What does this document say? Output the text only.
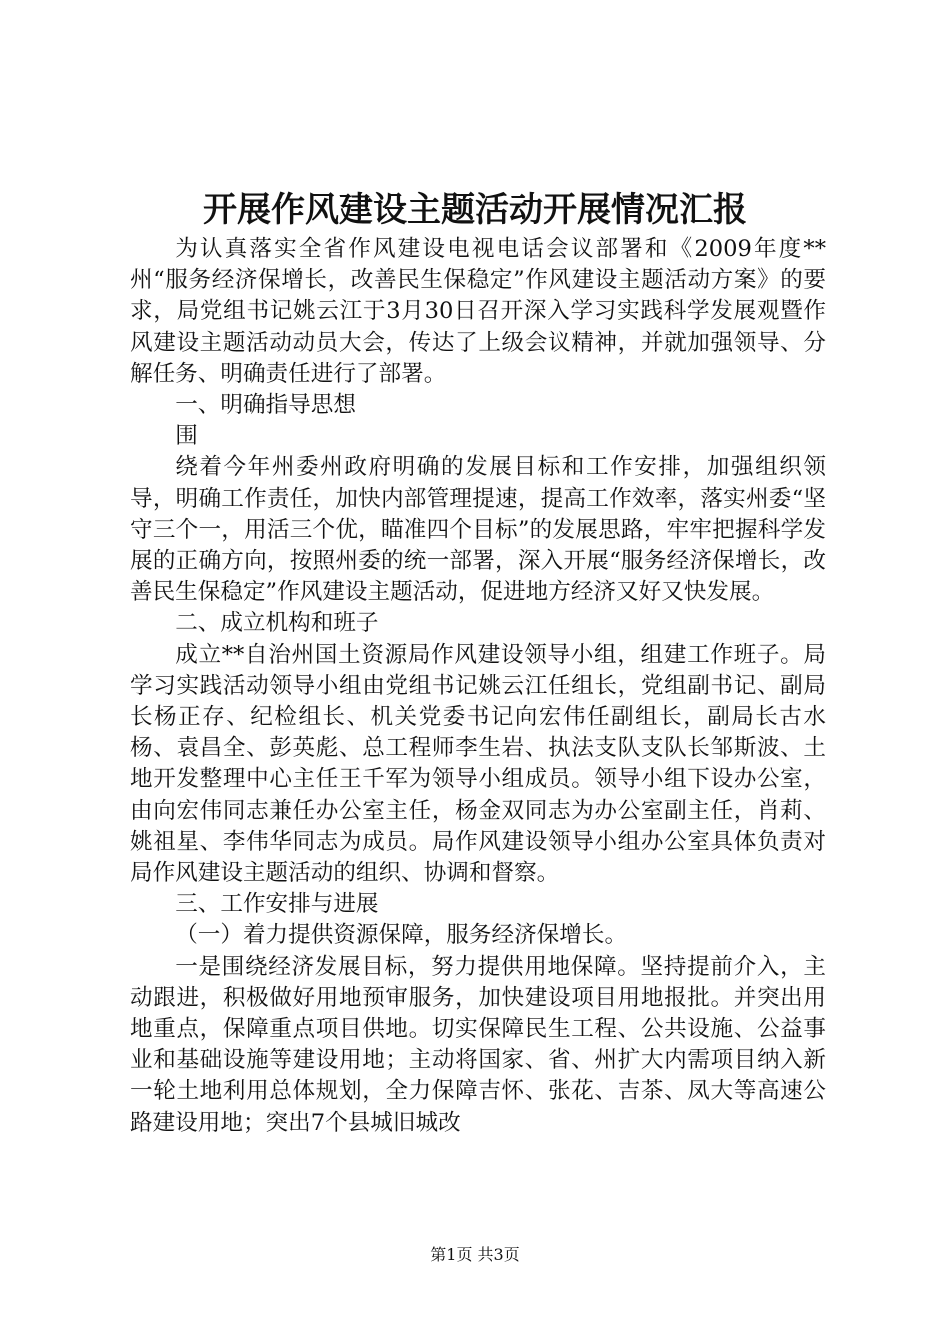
开展作风建设主题活动开展情况汇报

为认真落实全省作风建设电视电话会议部署和《2009年度**州“服务经济保增长，改善民生保稳定”作风建设主题活动方案》的要求，局党组书记姚云江于3月30日召开深入学习实践科学发展观暨作风建设主题活动动员大会，传达了上级会议精神，并就加强领导、分解任务、明确责任进行了部署。

一、明确指导思想

围

绕着今年州委州政府明确的发展目标和工作安排，加强组织领导，明确工作责任，加快内部管理提速，提高工作效率，落实州委“坚守三个一，用活三个优，瞄准四个目标”的发展思路，牢牢把握科学发展的正确方向，按照州委的统一部署，深入开展“服务经济保增长，改善民生保稳定”作风建设主题活动，促进地方经济又好又快发展。

二、成立机构和班子

成立**自治州国土资源局作风建设领导小组，组建工作班子。局学习实践活动领导小组由党组书记姚云江任组长，党组副书记、副局长杨正存、纪检组长、机关党委书记向宏伟任副组长，副局长古水杨、袁昌全、彭英彪、总工程师李生岩、执法支队支队长邹斯波、土地开发整理中心主任王千军为领导小组成员。领导小组下设办公室，由向宏伟同志兼任办公室主任，杨金双同志为办公室副主任，肖莉、姚祖星、李伟华同志为成员。局作风建设领导小组办公室具体负责对局作风建设主题活动的组织、协调和督察。

三、工作安排与进展

（一）着力提供资源保障，服务经济保增长。

一是围绕经济发展目标，努力提供用地保障。坚持提前介入，主动跟进，积极做好用地预审服务，加快建设项目用地报批。并突出用地重点，保障重点项目供地。切实保障民生工程、公共设施、公益事业和基础设施等建设用地；主动将国家、省、州扩大内需项目纳入新一轮土地利用总体规划，全力保障吉怀、张花、吉茶、凤大等高速公路建设用地；突出7个县城旧城改

第1页 共3页
